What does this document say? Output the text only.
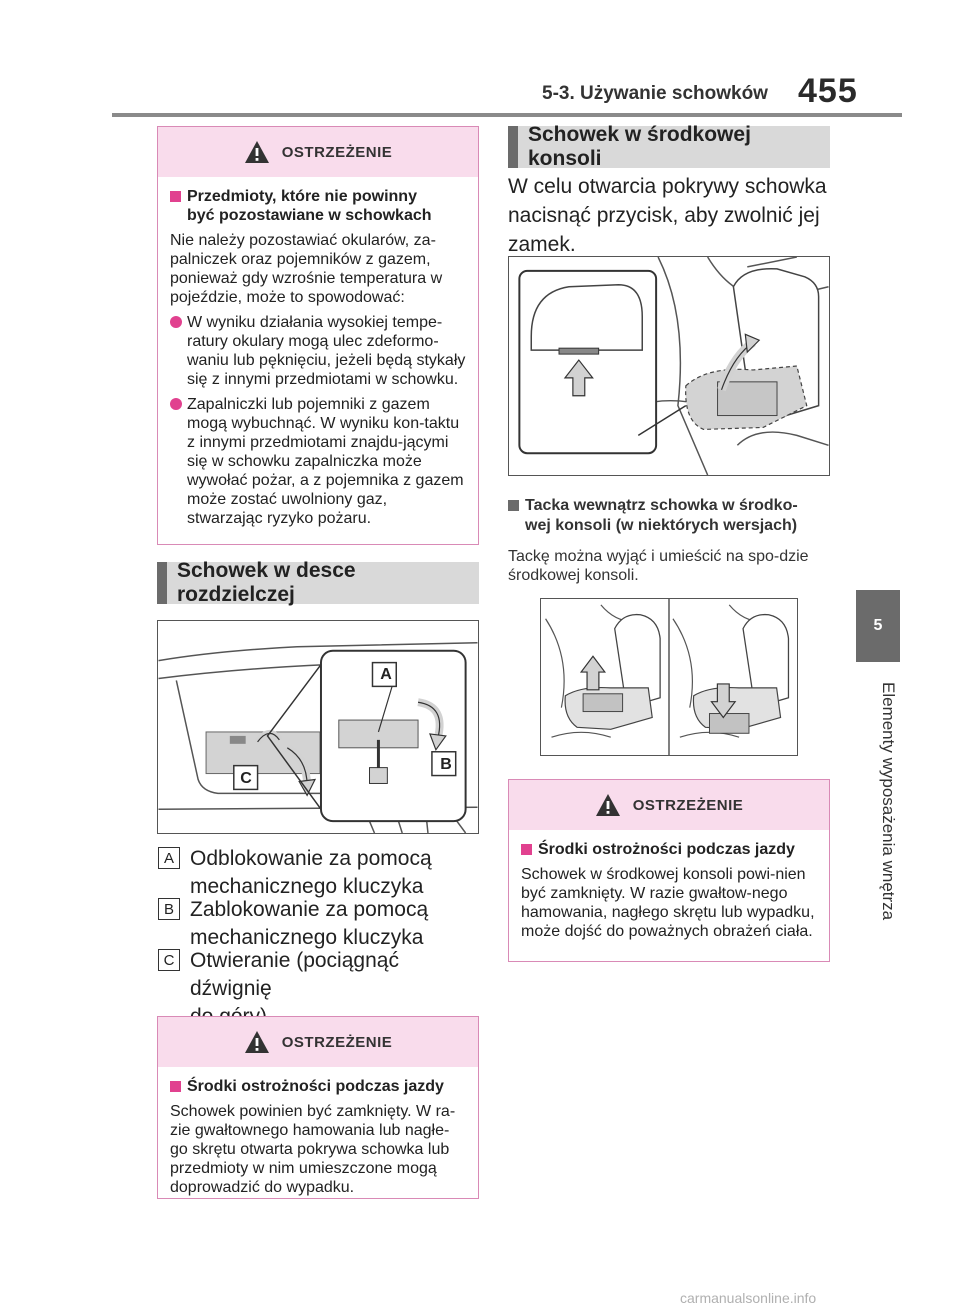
5-3. Używanie schowków 455
5
Elementy wyposażenia wnętrza
OSTRZEŻENIE
Przedmioty, które nie powinny
być pozostawiane w schowkach
Nie należy pozostawiać okularów, za-palniczek oraz pojemników z gazem, ponieważ gdy wzrośnie temperatura w pojeździe, może to spowodować:
W wyniku działania wysokiej tempe-ratury okulary mogą ulec zdeformo-waniu lub pęknięciu, jeżeli będą stykały się z innymi przedmiotami w schowku.
Zapalniczki lub pojemniki z gazem mogą wybuchnąć. W wyniku kon-taktu z innymi przedmiotami znajdu-jącymi się w schowku zapalniczka może wywołać pożar, a z pojemnika z gazem może zostać uwolniony gaz, stwarzając ryzyko pożaru.
Schowek w desce rozdzielczej
A
B
C
A Odblokowanie za pomocą
mechanicznego kluczyka
B Zablokowanie za pomocą
mechanicznego kluczyka
C Otwieranie (pociągnąć dźwignię
OSTRZEŻENIE
Środki ostrożności podczas jazdy
Schowek powinien być zamknięty. W ra-zie gwałtownego hamowania lub nagłe-go skrętu otwarta pokrywa schowka lub przedmioty w nim umieszczone mogą doprowadzić do wypadku.
Schowek w środkowej konsoli
W celu otwarcia pokrywy schowka nacisnąć przycisk, aby zwolnić jej zamek.
Tacka wewnątrz schowka w środko-
wej konsoli (w niektórych wersjach)
Tackę można wyjąć i umieścić na spo-dzie środkowej konsoli.
OSTRZEŻENIE
Środki ostrożności podczas jazdy
Schowek w środkowej konsoli powi-nien być zamknięty. W razie gwałtow-nego hamowania, nagłego skrętu lub wypadku, może dojść do poważnych obrażeń ciała.
carmanualsonline.info
